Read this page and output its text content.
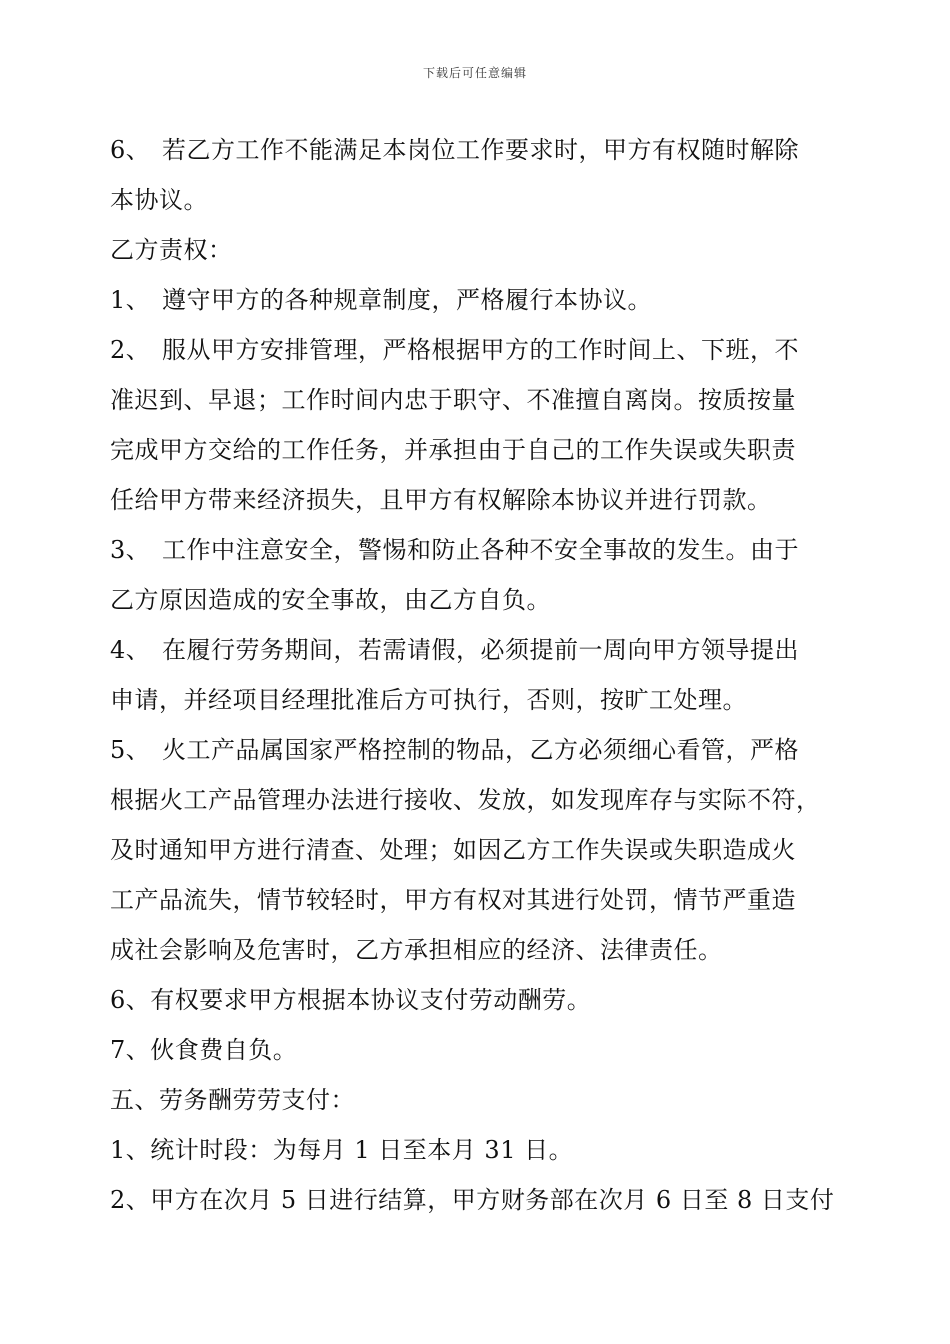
下载后可任意编辑
6、 若乙方工作不能满足本岗位工作要求时，甲方有权随时解除
本协议。
乙方责权：
1、 遵守甲方的各种规章制度，严格履行本协议。
2、 服从甲方安排管理，严格根据甲方的工作时间上、下班，不
准迟到、早退；工作时间内忠于职守、不准擅自离岗。按质按量
完成甲方交给的工作任务，并承担由于自己的工作失误或失职责
任给甲方带来经济损失，且甲方有权解除本协议并进行罚款。
3、 工作中注意安全，警惕和防止各种不安全事故的发生。由于
乙方原因造成的安全事故，由乙方自负。
4、 在履行劳务期间，若需请假，必须提前一周向甲方领导提出
申请，并经项目经理批准后方可执行，否则，按旷工处理。
5、 火工产品属国家严格控制的物品，乙方必须细心看管，严格
根据火工产品管理办法进行接收、发放，如发现库存与实际不符，
及时通知甲方进行清查、处理；如因乙方工作失误或失职造成火
工产品流失，情节较轻时，甲方有权对其进行处罚，情节严重造
成社会影响及危害时，乙方承担相应的经济、法律责任。
6、有权要求甲方根据本协议支付劳动酬劳。
7、伙食费自负。
五、劳务酬劳劳支付：
1、统计时段：为每月 1 日至本月 31 日。
2、甲方在次月 5 日进行结算，甲方财务部在次月 6 日至 8 日支付
